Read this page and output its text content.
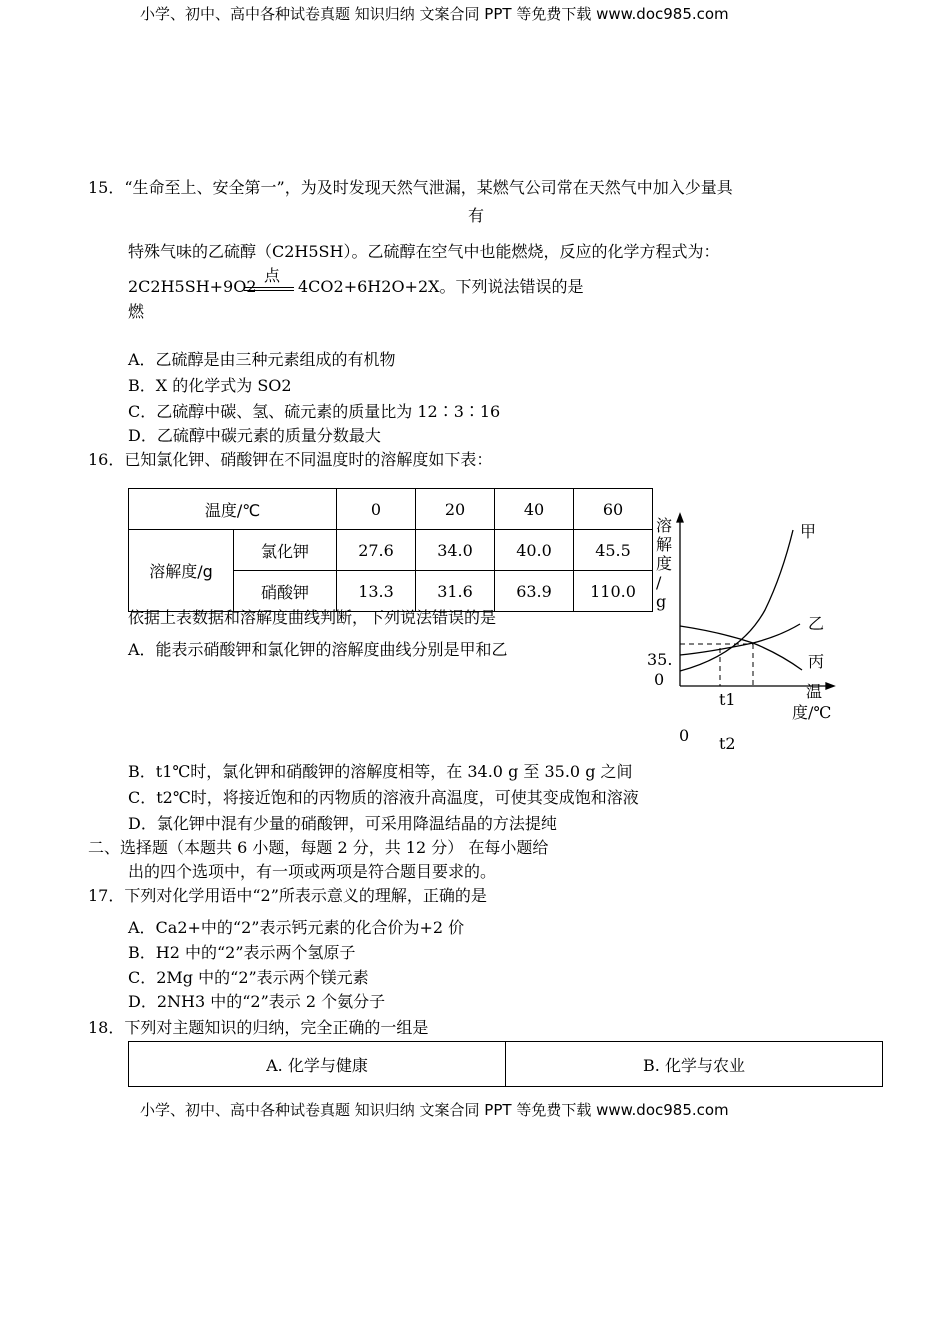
小学、初中、高中各种试卷真题 知识归纳 文案合同 PPT 等免费下载 www.doc985.com
15．“生命至上、安全第一”，为及时发现天然气泄漏，某燃气公司常在天然气中加入少量具
有
特殊气味的乙硫醇（C2H5SH）。乙硫醇在空气中也能燃烧，反应的化学方程式为：
2C2H5SH+9O2
点
4CO2+6H2O+2X。下列说法错误的是
燃
A．乙硫醇是由三种元素组成的有机物
B．X 的化学式为 SO2
C．乙硫醇中碳、氢、硫元素的质量比为 12∶3∶16
D．乙硫醇中碳元素的质量分数最大
16．已知氯化钾、硝酸钾在不同温度时的溶解度如下表：
温度/℃		0	20	40	60
溶解度/g	氯化钾	27.6	34.0	40.0	45.5
	硝酸钾	13.3	31.6	63.9	110.0
依据上表数据和溶解度曲线判断，下列说法错误的是
A．能表示硝酸钾和氯化钾的溶解度曲线分别是甲和乙
溶
解
度
/
g
甲
乙
丙
35.
0
t1	温
度/℃
0 t2
B．t1℃时，氯化钾和硝酸钾的溶解度相等，在 34.0 g 至 35.0 g 之间
C．t2℃时，将接近饱和的丙物质的溶液升高温度，可使其变成饱和溶液
D．氯化钾中混有少量的硝酸钾，可采用降温结晶的方法提纯
二、选择题（本题共 6 小题，每题 2 分，共 12 分） 在每小题给
出的四个选项中，有一项或两项是符合题目要求的。
17．下列对化学用语中“2”所表示意义的理解，正确的是
A．Ca2+中的“2”表示钙元素的化合价为+2 价
B．H2 中的“2”表示两个氢原子
C．2Mg 中的“2”表示两个镁元素
D．2NH3 中的“2”表示 2 个氨分子
18．下列对主题知识的归纳，完全正确的一组是
A. 化学与健康	B. 化学与农业
小学、初中、高中各种试卷真题 知识归纳 文案合同 PPT 等免费下载 www.doc985.com
